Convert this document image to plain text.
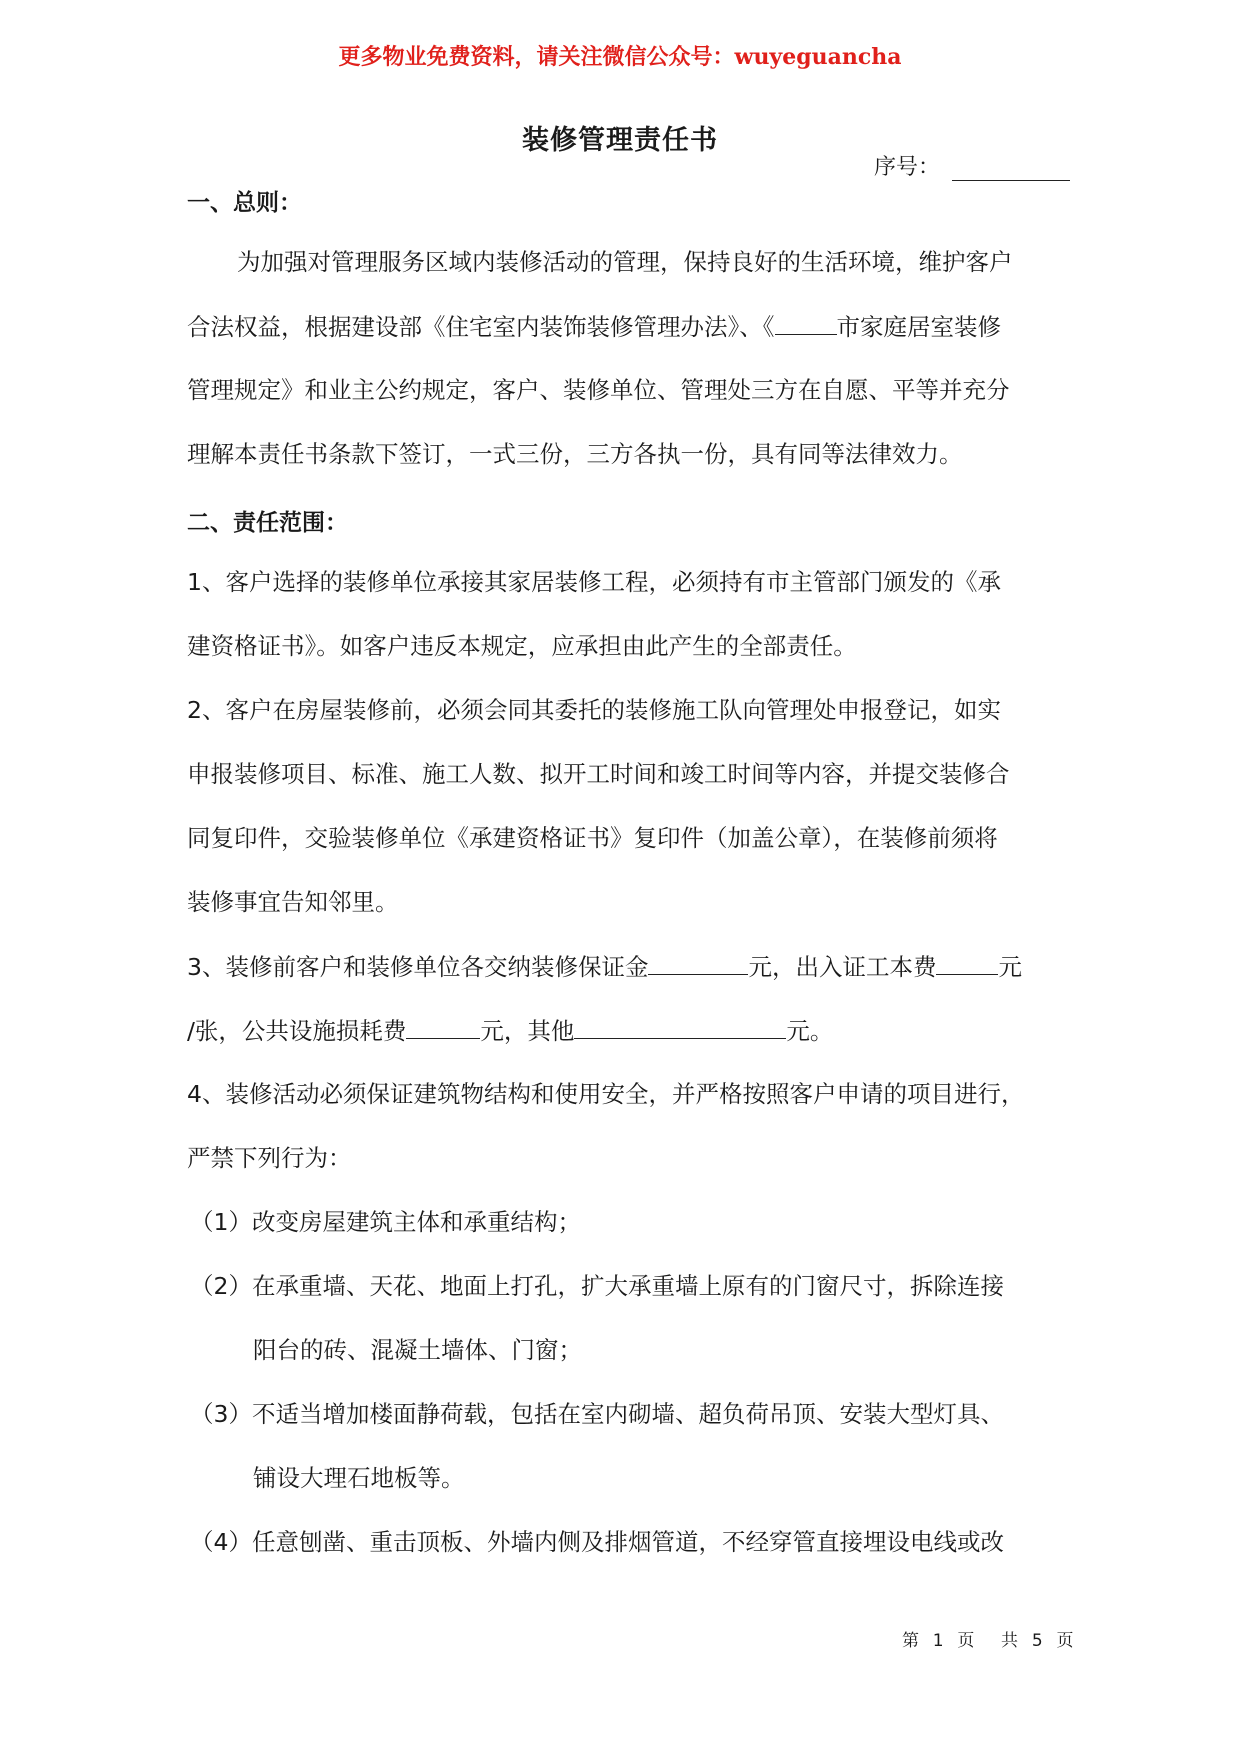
更多物业免费资料，请关注微信公众号：wuyeguancha
装修管理责任书
序号：
一、总则：
为加强对管理服务区域内装修活动的管理，保持良好的生活环境，维护客户
合法权益，根据建设部《住宅室内装饰装修管理办法》、《	市家庭居室装修
管理规定》和业主公约规定，客户、装修单位、管理处三方在自愿、平等并充分
理解本责任书条款下签订，一式三份，三方各执一份，具有同等法律效力。
二、责任范围：
1、客户选择的装修单位承接其家居装修工程，必须持有市主管部门颁发的《承
建资格证书》。如客户违反本规定，应承担由此产生的全部责任。
2、客户在房屋装修前，必须会同其委托的装修施工队向管理处申报登记，如实
申报装修项目、标准、施工人数、拟开工时间和竣工时间等内容，并提交装修合
同复印件，交验装修单位《承建资格证书》复印件（加盖公章），在装修前须将
装修事宜告知邻里。
3、装修前客户和装修单位各交纳装修保证金	元，出入证工本费	元
/张，公共设施损耗费	元，其他	元。
4、装修活动必须保证建筑物结构和使用安全，并严格按照客户申请的项目进行，
严禁下列行为：
（1）改变房屋建筑主体和承重结构；
（2）在承重墙、天花、地面上打孔，扩大承重墙上原有的门窗尺寸，拆除连接
阳台的砖、混凝土墙体、门窗；
（3）不适当增加楼面静荷载，包括在室内砌墙、超负荷吊顶、安装大型灯具、
铺设大理石地板等。
（4）任意刨凿、重击顶板、外墙内侧及排烟管道，不经穿管直接埋设电线或改
第  1  页    共  5  页
